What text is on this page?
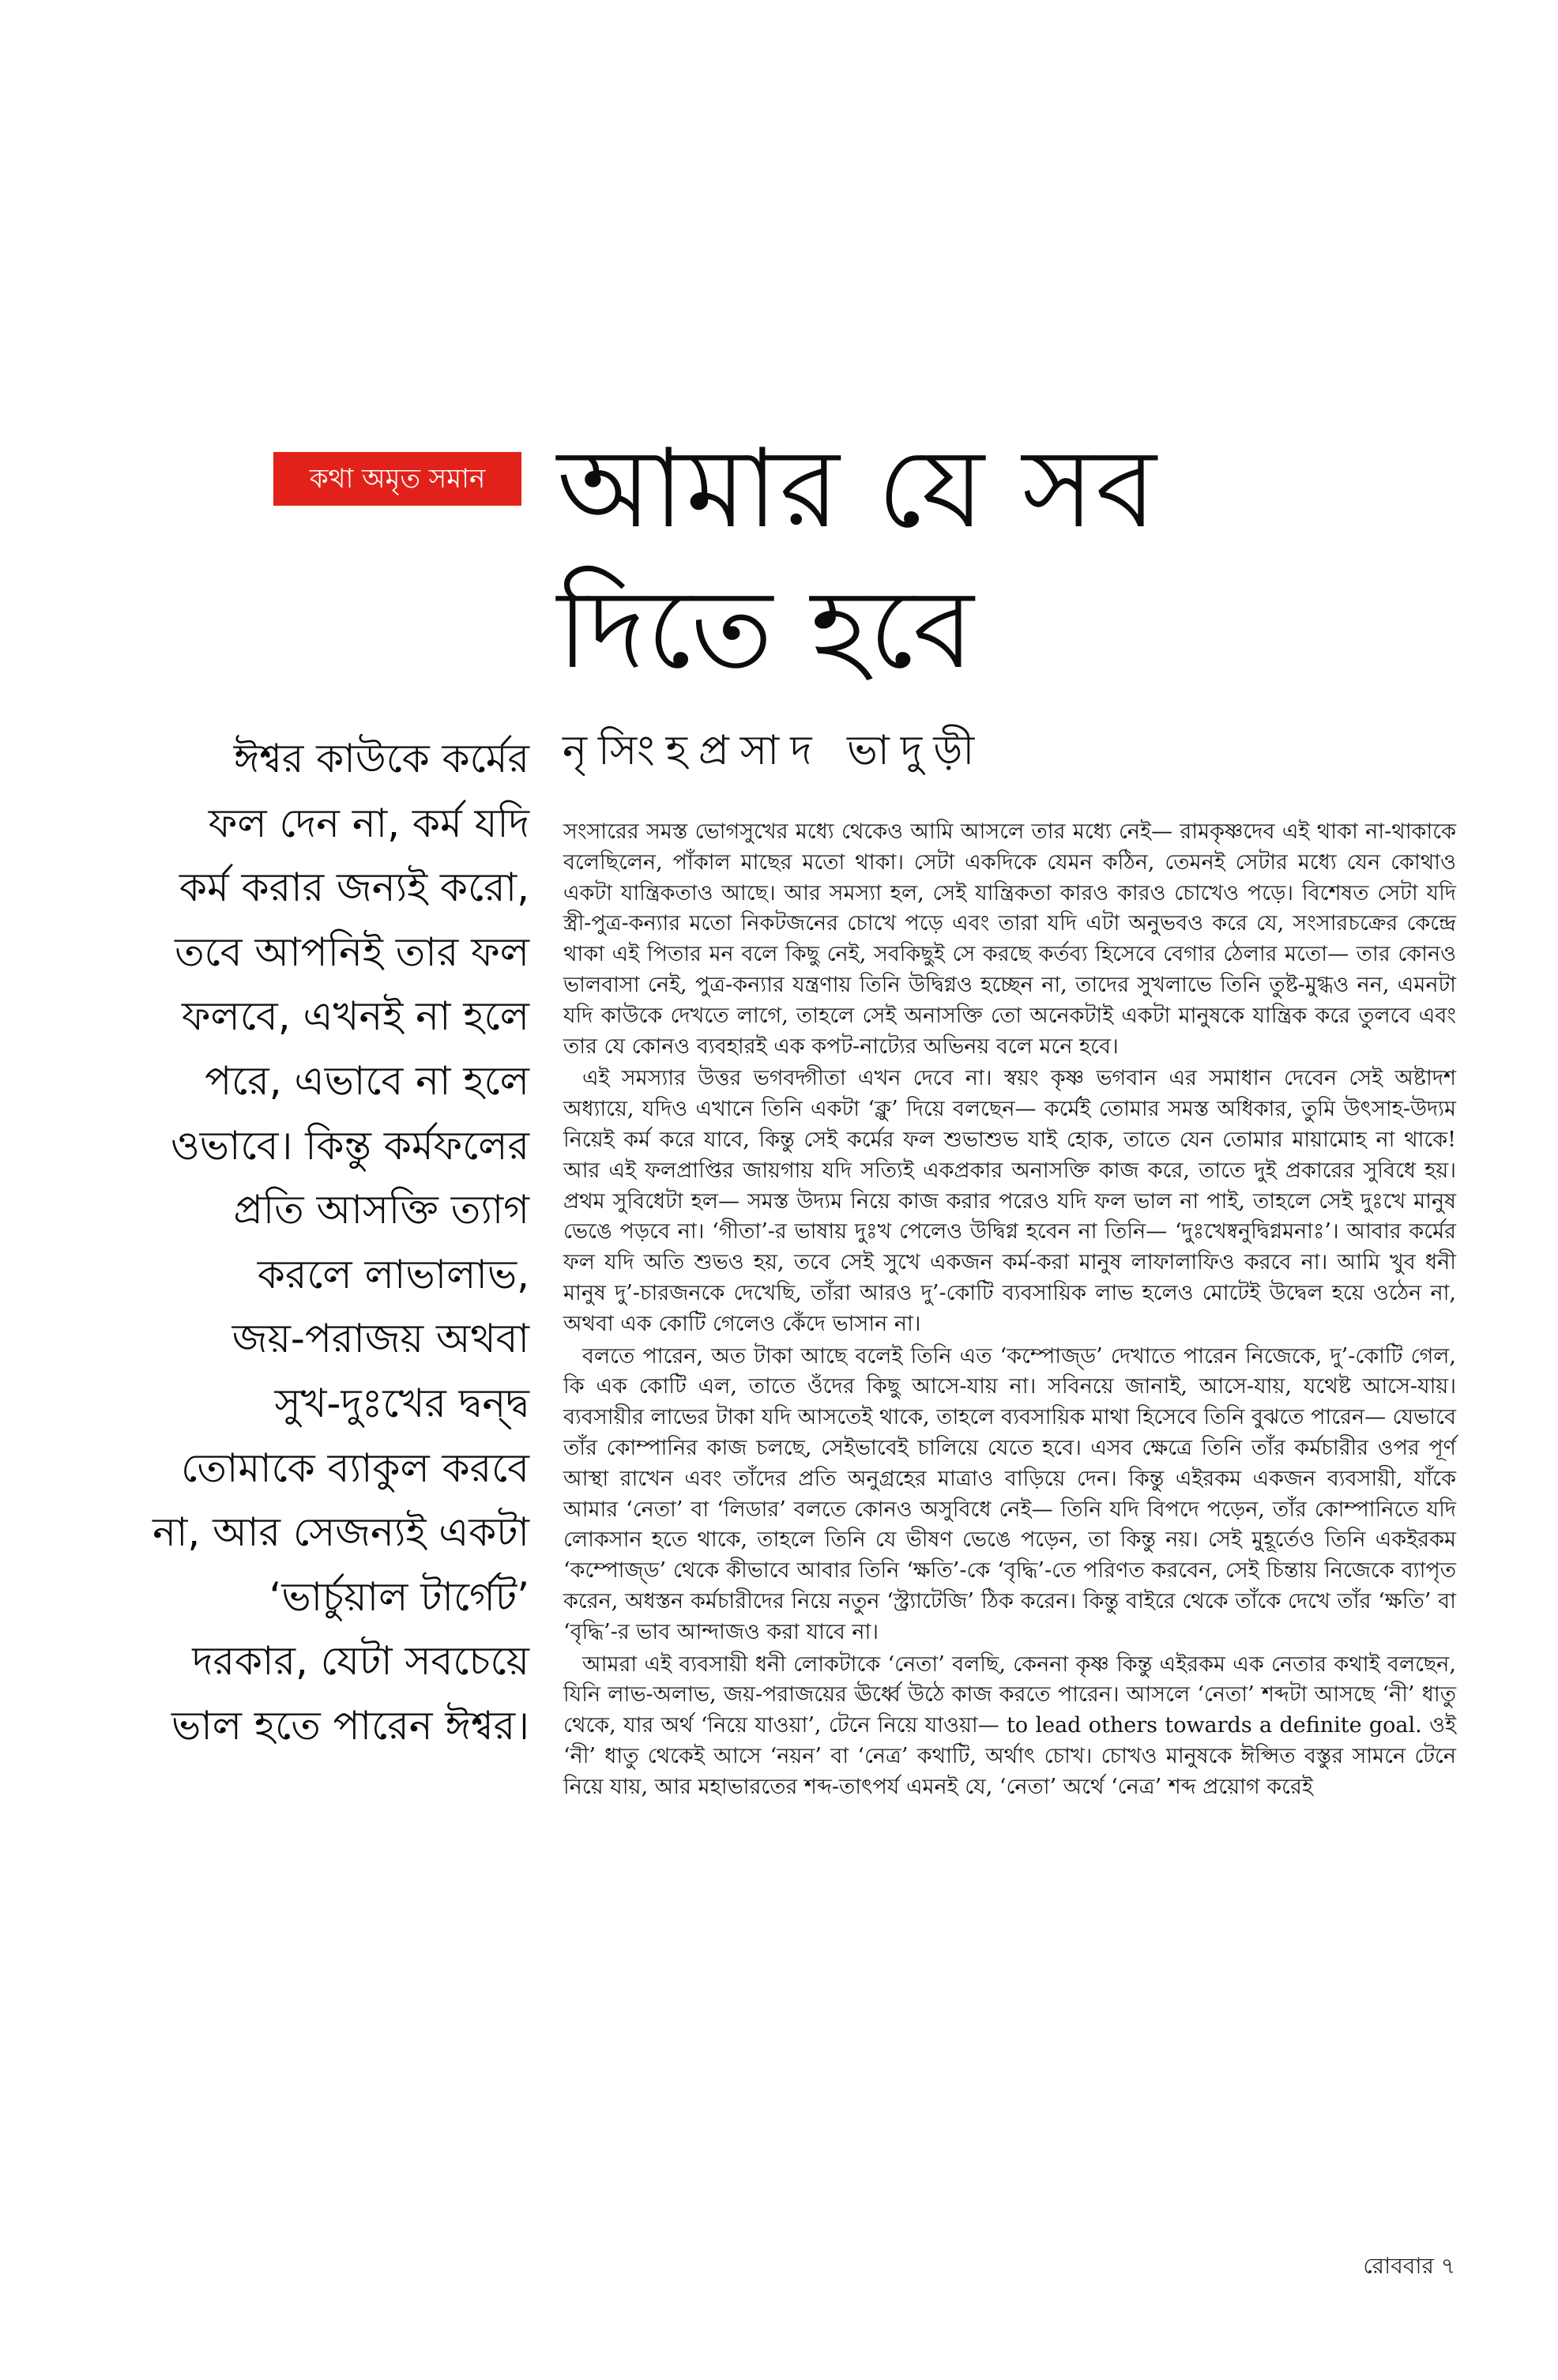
কথা অমৃত সমান আমার যে সব
দিতে হবে
নৃসিংহপ্রসাদ ভাদুড়ী
ঈশ্বর কাউকে কর্মের
ফল দেন না, কর্ম যদি
কর্ম করার জন্যই করো,
তবে আপনিই তার ফল
ফলবে, এখনই না হলে
পরে, এভাবে না হলে
ওভাবে। কিন্তু কর্মফলের
প্রতি আসক্তি ত্যাগ
করলে লাভালাভ,
জয়-পরাজয় অথবা
সুখ-দুঃখের দ্বন্দ্ব
তোমাকে ব্যাকুল করবে
না, আর সেজন্যই একটা
‘ভার্চুয়াল টার্গেট’
দরকার, যেটা সবচেয়ে
ভাল হতে পারেন ঈশ্বর।

সংসারের সমস্ত ভোগসুখের মধ্যে থেকেও আমি আসলে তার মধ্যে নেই— রামকৃষ্ণদেব এই থাকা না-থাকাকে বলেছিলেন, পাঁকাল মাছের মতো থাকা। সেটা একদিকে যেমন কঠিন, তেমনই সেটার মধ্যে যেন কোথাও একটা যান্ত্রিকতাও আছে। আর সমস্যা হল, সেই যান্ত্রিকতা কারও কারও চোখেও পড়ে। বিশেষত সেটা যদি স্ত্রী-পুত্র-কন্যার মতো নিকটজনের চোখে পড়ে এবং তারা যদি এটা অনুভবও করে যে, সংসারচক্রের কেন্দ্রে থাকা এই পিতার মন বলে কিছু নেই, সবকিছুই সে করছে কর্তব্য হিসেবে বেগার ঠেলার মতো— তার কোনও ভালবাসা নেই, পুত্র-কন্যার যন্ত্রণায় তিনি উদ্বিগ্নও হচ্ছেন না, তাদের সুখলাভে তিনি তুষ্ট-মুগ্ধও নন, এমনটা যদি কাউকে দেখতে লাগে, তাহলে সেই অনাসক্তি তো অনেকটাই একটা মানুষকে যান্ত্রিক করে তুলবে এবং তার যে কোনও ব্যবহারই এক কপট-নাট্যের অভিনয় বলে মনে হবে।

এই সমস্যার উত্তর ভগবদ্গীতা এখন দেবে না। স্বয়ং কৃষ্ণ ভগবান এর সমাধান দেবেন সেই অষ্টাদশ অধ্যায়ে, যদিও এখানে তিনি একটা ‘ক্লু’ দিয়ে বলছেন— কর্মেই তোমার সমস্ত অধিকার, তুমি উৎসাহ-উদ্যম নিয়েই কর্ম করে যাবে, কিন্তু সেই কর্মের ফল শুভাশুভ যাই হোক, তাতে যেন তোমার মায়ামোহ না থাকে! আর এই ফলপ্রাপ্তির জায়গায় যদি সত্যিই একপ্রকার অনাসক্তি কাজ করে, তাতে দুই প্রকারের সুবিধে হয়। প্রথম সুবিধেটা হল— সমস্ত উদ্যম নিয়ে কাজ করার পরেও যদি ফল ভাল না পাই, তাহলে সেই দুঃখে মানুষ ভেঙে পড়বে না। ‘গীতা’-র ভাষায় দুঃখ পেলেও উদ্বিগ্ন হবেন না তিনি— ‘দুঃখেষ্বনুদ্বিগ্নমনাঃ’। আবার কর্মের ফল যদি অতি শুভও হয়, তবে সেই সুখে একজন কর্ম-করা মানুষ লাফালাফিও করবে না। আমি খুব ধনী মানুষ দু’-চারজনকে দেখেছি, তাঁরা আরও দু’-কোটি ব্যবসায়িক লাভ হলেও মোটেই উদ্বেল হয়ে ওঠেন না, অথবা এক কোটি গেলেও কেঁদে ভাসান না।

বলতে পারেন, অত টাকা আছে বলেই তিনি এত ‘কম্পোজ্‌ড’ দেখাতে পারেন নিজেকে, দু’-কোটি গেল, কি এক কোটি এল, তাতে ওঁদের কিছু আসে-যায় না। সবিনয়ে জানাই, আসে-যায়, যথেষ্ট আসে-যায়। ব্যবসায়ীর লাভের টাকা যদি আসতেই থাকে, তাহলে ব্যবসায়িক মাথা হিসেবে তিনি বুঝতে পারেন— যেভাবে তাঁর কোম্পানির কাজ চলছে, সেইভাবেই চালিয়ে যেতে হবে। এসব ক্ষেত্রে তিনি তাঁর কর্মচারীর ওপর পূর্ণ আস্থা রাখেন এবং তাঁদের প্রতি অনুগ্রহের মাত্রাও বাড়িয়ে দেন। কিন্তু এইরকম একজন ব্যবসায়ী, যাঁকে আমার ‘নেতা’ বা ‘লিডার’ বলতে কোনও অসুবিধে নেই— তিনি যদি বিপদে পড়েন, তাঁর কোম্পানিতে যদি লোকসান হতে থাকে, তাহলে তিনি যে ভীষণ ভেঙে পড়েন, তা কিন্তু নয়। সেই মুহূর্তেও তিনি একইরকম ‘কম্পোজ্‌ড’ থেকে কীভাবে আবার তিনি ‘ক্ষতি’-কে ‘বৃদ্ধি’-তে পরিণত করবেন, সেই চিন্তায় নিজেকে ব্যাপৃত করেন, অধস্তন কর্মচারীদের নিয়ে নতুন ‘স্ট্র্যাটেজি’ ঠিক করেন। কিন্তু বাইরে থেকে তাঁকে দেখে তাঁর ‘ক্ষতি’ বা ‘বৃদ্ধি’-র ভাব আন্দাজও করা যাবে না।

আমরা এই ব্যবসায়ী ধনী লোকটাকে ‘নেতা’ বলছি, কেননা কৃষ্ণ কিন্তু এইরকম এক নেতার কথাই বলছেন, যিনি লাভ-অলাভ, জয়-পরাজয়ের ঊর্ধ্বে উঠে কাজ করতে পারেন। আসলে ‘নেতা’ শব্দটা আসছে ‘নী’ ধাতু থেকে, যার অর্থ ‘নিয়ে যাওয়া’, টেনে নিয়ে যাওয়া— to lead others towards a definite goal. ওই ‘নী’ ধাতু থেকেই আসে ‘নয়ন’ বা ‘নেত্র’ কথাটি, অর্থাৎ চোখ। চোখও মানুষকে ঈপ্সিত বস্তুর সামনে টেনে নিয়ে যায়, আর মহাভারতের শব্দ-তাৎপর্য এমনই যে, ‘নেতা’ অর্থে ‘নেত্র’ শব্দ প্রয়োগ করেই

রোববার ৭
